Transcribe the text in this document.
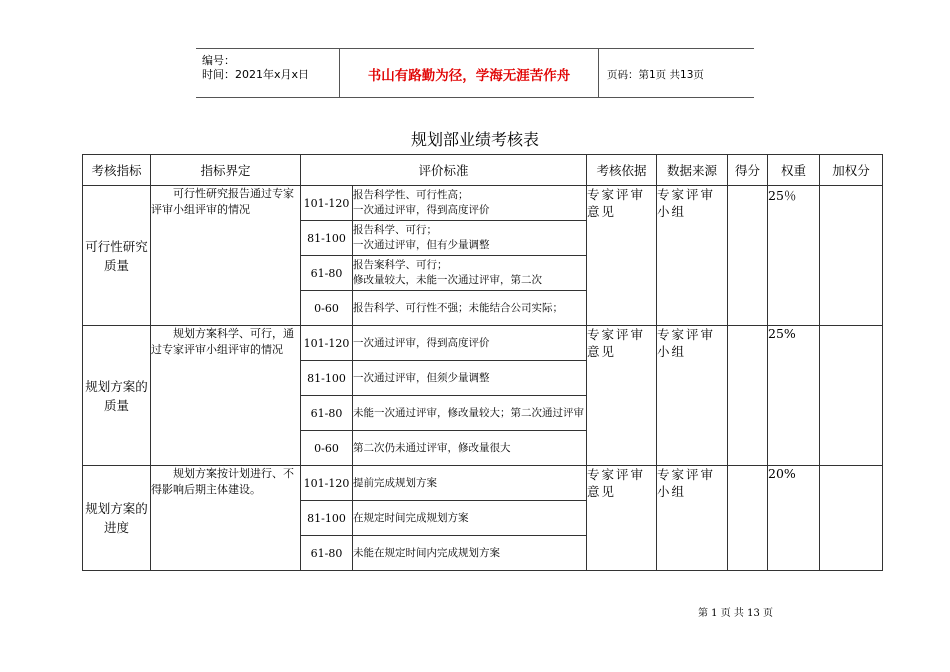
编号：
时间：2021年x月x日	书山有路勤为径，学海无涯苦作舟	页码：第1页 共13页
规划部业绩考核表
考核指标	指标界定	评价标准		考核依据	数据来源	得分	权重	加权分
可行性研究质量	可行性研究报告通过专家评审小组评审的情况	101-120	报告科学性、可行性高；
一次通过评审，得到高度评价	专家评审意见	专家评审小组		25％	
		81-100	报告科学、可行；
一次通过评审，但有少量调整					
		61-80	报告案科学、可行；
修改量较大，未能一次通过评审，第二次					
		0-60	报告科学、可行性不强；未能结合公司实际；					
规划方案的质量	规划方案科学、可行，通过专家评审小组评审的情况	101-120	一次通过评审，得到高度评价	专家评审意见	专家评审小组		25%	
		81-100	一次通过评审，但须少量调整					
		61-80	未能一次通过评审，修改量较大；第二次通过评审					
		0-60	第二次仍未通过评审，修改量很大					
规划方案的进度	规划方案按计划进行、不得影响后期主体建设。	101-120	提前完成规划方案	专家评审意见	专家评审小组		20%	
		81-100	在规定时间完成规划方案					
		61-80	未能在规定时间内完成规划方案					
第 1 页 共 13 页
